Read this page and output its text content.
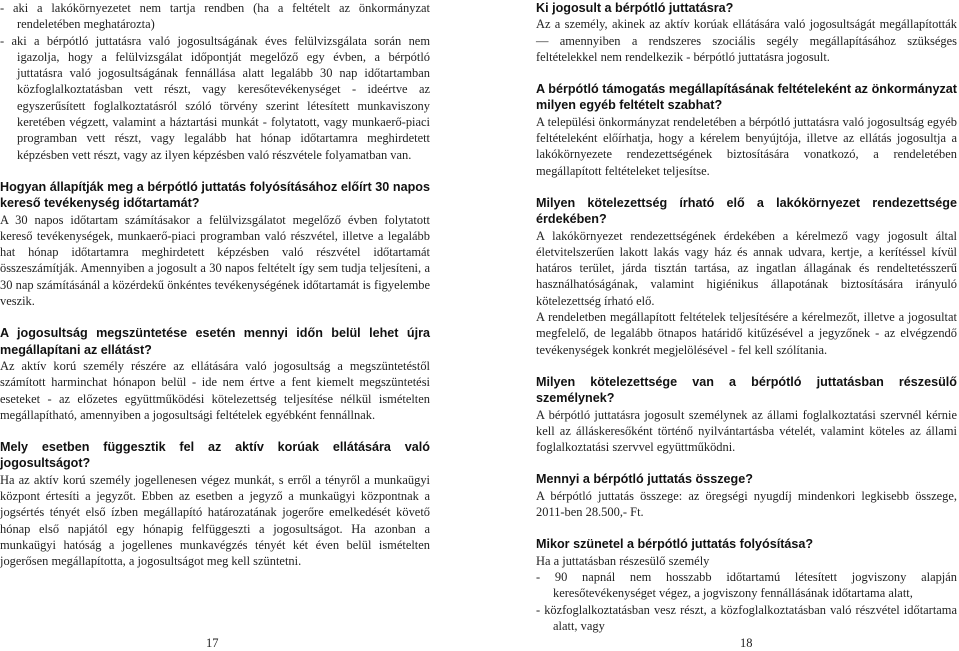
- aki a lakókörnyezetet nem tartja rendben (ha a feltételt az önkormányzat rendeletében meghatározta)

- aki a bérpótló juttatásra való jogosultságának éves felülvizsgálata során nem igazolja, hogy a felülvizsgálat időpontját megelőző egy évben, a bérpótló juttatásra való jogosultságának fennállása alatt legalább 30 nap időtartamban közfoglalkoztatásban vett részt, vagy keresőtevékenységet - ideértve az egyszerűsített foglalkoztatásról szóló törvény szerint létesített munkaviszony keretében végzett, valamint a háztartási munkát - folytatott, vagy munkaerő-piaci programban vett részt, vagy legalább hat hónap időtartamra meghirdetett képzésben vett részt, vagy az ilyen képzésben való részvétele folyamatban van.

Hogyan állapítják meg a bérpótló juttatás folyósításához előírt 30 napos kereső tevékenység időtartamát?

A 30 napos időtartam számításakor a felülvizsgálatot megelőző évben folytatott kereső tevékenységek, munkaerő-piaci programban való részvétel, illetve a legalább hat hónap időtartamra meghirdetett képzésben való részvétel időtartamát összeszámítják. Amennyiben a jogosult a 30 napos feltételt így sem tudja teljesíteni, a 30 nap számításánál a közérdekű önkéntes tevékenységének időtartamát is figyelembe veszik.

A jogosultság megszüntetése esetén mennyi időn belül lehet újra megállapítani az ellátást?

Az aktív korú személy részére az ellátására való jogosultság a megszüntetéstől számított harminchat hónapon belül - ide nem értve a fent kiemelt megszüntetési eseteket - az előzetes együttműködési kötelezettség teljesítése nélkül ismételten megállapítható, amennyiben a jogosultsági feltételek egyébként fennállnak.

Mely esetben függesztik fel az aktív korúak ellátására való jogosultságot?

Ha az aktív korú személy jogellenesen végez munkát, s erről a tényről a munkaügyi központ értesíti a jegyzőt. Ebben az esetben a jegyző a munkaügyi központnak a jogsértés tényét első ízben megállapító határozatának jogerőre emelkedését követő hónap első napjától egy hónapig felfüggeszti a jogosultságot. Ha azonban a munkaügyi hatóság a jogellenes munkavégzés tényét két éven belül ismételten jogerősen megállapította, a jogosultságot meg kell szüntetni.

Ki jogosult a bérpótló juttatásra?

Az a személy, akinek az aktív korúak ellátására való jogosultságát megállapították — amennyiben a rendszeres szociális segély megállapításához szükséges feltételekkel nem rendelkezik - bérpótló juttatásra jogosult.

A bérpótló támogatás megállapításának feltételeként az önkormányzat milyen egyéb feltételt szabhat?

A települési önkormányzat rendeletében a bérpótló juttatásra való jogosultság egyéb feltételeként előírhatja, hogy a kérelem benyújtója, illetve az ellátás jogosultja a lakókörnyezete rendezettségének biztosítására vonatkozó, a rendeletében megállapított feltételeket teljesítse.

Milyen kötelezettség írható elő a lakókörnyezet rendezettsége érdekében?

A lakókörnyezet rendezettségének érdekében a kérelmező vagy jogosult által életvitelszerűen lakott lakás vagy ház és annak udvara, kertje, a kerítéssel kívül határos terület, járda tisztán tartása, az ingatlan állagának és rendeltetésszerű használhatóságának, valamint higiénikus állapotának biztosítására irányuló kötelezettség írható elő.

A rendeletben megállapított feltételek teljesítésére a kérelmezőt, illetve a jogosultat megfelelő, de legalább ötnapos határidő kitűzésével a jegyzőnek - az elvégzendő tevékenységek konkrét megjelölésével - fel kell szólítania.

Milyen kötelezettsége van a bérpótló juttatásban részesülő személynek?

A bérpótló juttatásra jogosult személynek az állami foglalkoztatási szervnél kérnie kell az álláskeresőként történő nyilvántartásba vételét, valamint köteles az állami foglalkoztatási szervvel együttműködni.

Mennyi a bérpótló juttatás összege?

A bérpótló juttatás összege: az öregségi nyugdíj mindenkori legkisebb összege, 2011-ben 28.500,- Ft.

Mikor szünetel a bérpótló juttatás folyósítása?

Ha a juttatásban részesülő személy

- 90 napnál nem hosszabb időtartamú létesített jogviszony alapján keresőtevékenységet végez, a jogviszony fennállásának időtartama alatt,

- közfoglalkoztatásban vesz részt, a közfoglalkoztatásban való részvétel időtartama alatt, vagy

17	18
